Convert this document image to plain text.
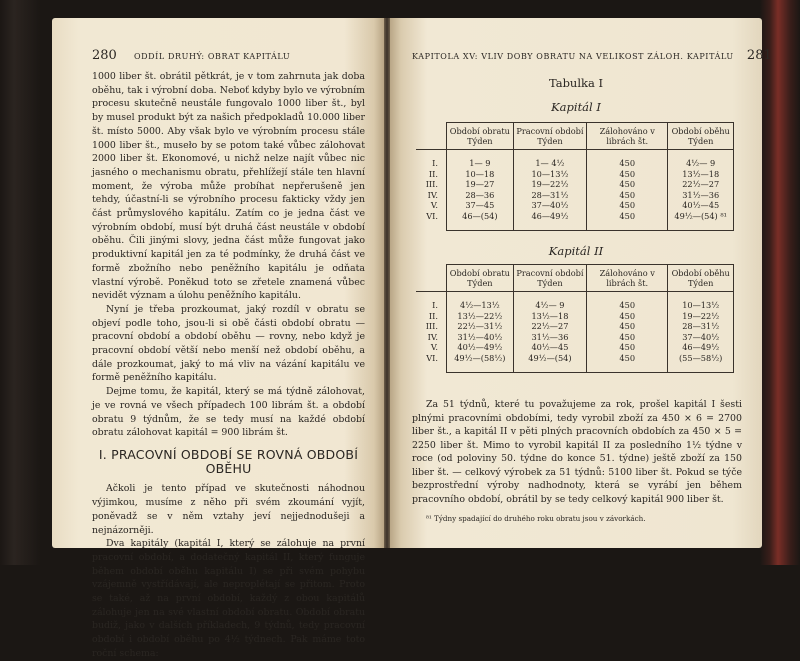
280 ODDÍL DRUHÝ: OBRAT KAPITÁLU

1000 liber št. obrátil pětkrát, je v tom zahrnuta jak doba oběhu, tak i výrobní doba. Neboť kdyby bylo ve výrobním procesu skutečně neustále fungovalo 1000 liber št., byl by musel produkt být za našich předpokladů 10.000 liber št. místo 5000. Aby však bylo ve výrobním procesu stále 1000 liber št., museło by se potom také vůbec zálohovat 2000 liber št. Ekonomové, u nichž nelze najít vůbec nic jasného o mechanismu obratu, přehlížejí stále ten hlavní moment, že výroba může probíhat nepřerušeně jen tehdy, účastní-li se výrobního procesu fakticky vždy jen část průmyslového kapitálu. Zatím co je jedna část ve výrobním období, musí být druhá část neustále v období oběhu. Čili jinými slovy, jedna část může fungovat jako produktivní kapitál jen za té podmínky, že druhá část ve formě zbožního nebo peněžního kapitálu je odňata vlastní výrobě. Poněkud toto se zřetele znamená vůbec nevidět význam a úlohu peněžního kapitálu.

Nyní je třeba prozkoumat, jaký rozdíl v obratu se objeví podle toho, jsou-li si obě části období obratu — pracovní období a období oběhu — rovny, nebo když je pracovní období větší nebo menší než období oběhu, a dále prozkoumat, jaký to má vliv na vázání kapitálu ve formě peněžního kapitálu.

Dejme tomu, že kapitál, který se má týdně zálohovat, je ve rovná ve všech případech 100 librám št. a období obratu 9 týdnům, že se tedy musí na každé období obratu zálohovat kapitál = 900 librám št.

I. PRACOVNÍ OBDOBÍ SE ROVNÁ OBDOBÍ OBĚHU

Ačkoli je tento případ ve skutečnosti náhodnou výjimkou, musíme z něho při svém zkoumání vyjít, poněvadž se v něm vztahy jeví nejjednodušeji a nejnázorněji.

Dva kapitály (kapitál I, který se zálohuje na první pracovní období, a dodatečný kapitál II, který funguje během období oběhu kapitálu I) se při svém pohybu vzájemně vystřídávají, ale neproplétají se přitom. Proto se také, až na první období, každý z obou kapitálů zálohuje jen na své vlastní období obratu. Období obratu budiž, jako v dalších příkladech, 9 týdnů, tedy pracovní období i období oběhu po 4½ týdnech. Pak máme toto roční schema:

KAPITOLA XV: VLIV DOBY OBRATU NA VELIKOST ZÁLOH. KAPITÁLU 281
Tabulka I
Kapitál I
	Období obratu Týden	Pracovní období Týden	Zálohováno v librách št.	Období oběhu Týden
I.	1— 9	1— 4½	450	4½— 9
II.	10—18	10—13½	450	13½—18
III.	19—27	19—22½	450	22½—27
IV.	28—36	28—31½	450	31½—36
V.	37—45	37—40½	450	40½—45
VI.	46—(54)	46—49½	450	49½—(54) ⁸¹
Kapitál II
	Období obratu Týden	Pracovní období Týden	Zálohováno v librách št.	Období oběhu Týden
I.	4½—13½	4½— 9	450	10—13½
II.	13½—22½	13½—18	450	19—22½
III.	22½—31½	22½—27	450	28—31½
IV.	31½—40½	31½—36	450	37—40½
V.	40½—49½	40½—45	450	46—49½
VI.	49½—(58½)	49½—(54)	450	(55—58½)

Za 51 týdnů, které tu považujeme za rok, prošel kapitál I šesti plnými pracovními obdobími, tedy vyrobil zboží za 450 × 6 = 2700 liber št., a kapitál II v pěti plných pracovních obdobích za 450 × 5 = 2250 liber št. Mimo to vyrobil kapitál II za posledního 1½ týdne v roce (od poloviny 50. týdne do konce 51. týdne) ještě zboží za 150 liber št. — celkový výrobek za 51 týdnů: 5100 liber št. Pokud se týče bezprostřední výroby nadhodnoty, která se vyrábí jen během pracovního období, obrátil by se tedy celkový kapitál 900 liber št.

⁸¹ Týdny spadající do druhého roku obratu jsou v závorkách.
